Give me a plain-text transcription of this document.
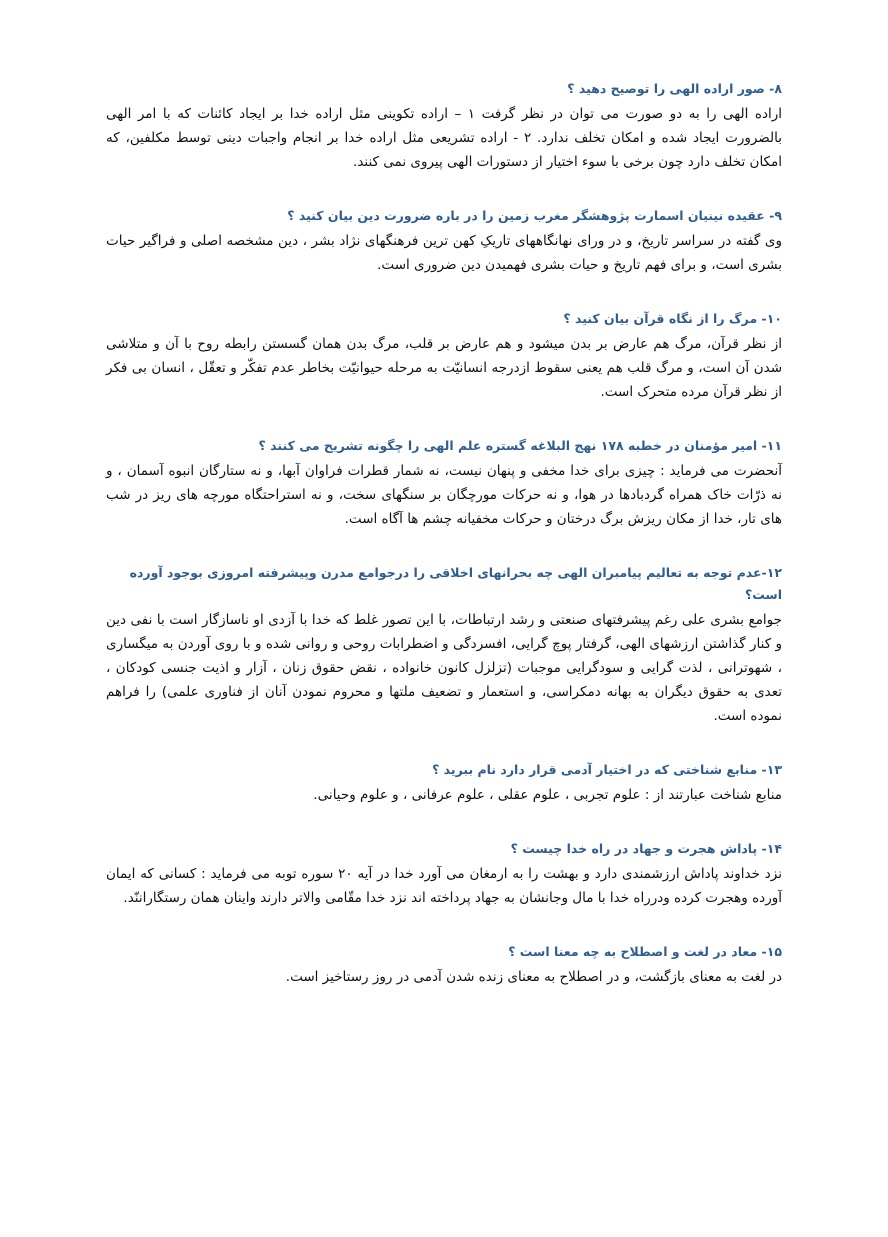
۸- صور اراده الهی را توصیح دهید ؟
اراده الهی را به دو صورت می توان در نظر گرفت ۱ – اراده تکوینی مثل اراده خدا بر ایجاد کائنات که با امر الهی بالضرورت ایجاد شده و امکان تخلف ندارد. ۲ - اراده تشریعی مثل اراده خدا بر انجام واجبات دینی توسط مکلفین، که امکان تخلف دارد چون برخی با سوء اختیار از دستورات الهی پیروی نمی کنند.
۹- عقیده نینیان اسمارت پژوهشگر مغرب زمین را در باره ضرورت دین بیان کنید ؟
وی گفته در سراسر تاریخ، و در ورای نهانگاههای تاریکِ کهن ترین فرهنگهای نژاد بشر ، دین مشخصه اصلی و فراگیر حیات بشری است، و برای فهم تاریخ و حیات بشری فهمیدن دین ضروری است.
۱۰- مرگ را از نگاه قرآن بیان کنید ؟
از نظر قرآن، مرگ هم عارض بر بدن میشود و هم عارض بر قلب، مرگ بدن همان گسستن رابطه روح با آن و متلاشی شدن آن است، و مرگ قلب هم یعنی سقوط ازدرجه انسانیّت به مرحله حیوانیّت بخاطر عدم تفکّر و تعقّل ، انسان بی فکر از نظر قرآن مرده متحرک است.
۱۱- امیر مؤمنان در خطبه ۱۷۸ نهج البلاغه گستره علم الهی را چگونه تشریح می کنند ؟
آنحضرت می فرماید : چیزی برای خدا مخفی و پنهان نیست، نه شمار قطرات فراوان آبها، و نه ستارگان انبوه آسمان ، و نه ذرّات خاک همراه گردبادها در هوا، و نه حرکات مورچگان بر سنگهای سخت، و نه استراحتگاه مورچه های ریز در شب های تار، خدا از مکان ریزش برگ درختان و حرکات مخفیانه چشم ها آگاه است.
۱۲-عدم توجه به تعالیم پیامبران الهی چه بحرانهای اخلاقی را درجوامع مدرن وپیشرفته امروزی بوجود آورده است؟
جوامع بشری علی رغم پیشرفتهای صنعتی و رشد ارتباطات، با این تصور غلط که خدا با آزدی او ناسازگار است با نفی دین و کنار گذاشتن ارزشهای الهی، گرفتار پوچ گرایی، افسردگی و اضطرابات روحی و روانی شده و با روی آوردن به میگساری ، شهوترانی ، لذت گرایی و سودگرایی موجبات (تزلزل کانون خانواده ، نقض حقوق زنان ، آزار و اذیت جنسی کودکان ، تعدی به حقوق دیگران به بهانه دمکراسی، و استعمار و تضعیف ملتها و محروم نمودن آنان از فناوری علمی) را فراهم نموده است.
۱۳- منابع شناختی که در اختیار آدمی قرار دارد نام ببرید ؟
منابع شناخت عبارتند از : علوم تجربی ، علوم عقلی ، علوم عرفانی ، و علوم وحیانی.
۱۴- پاداش هجرت و جهاد در راه خدا چیست ؟
نزد خداوند پاداش ارزشمندی دارد و بهشت را به ارمغان می آورد خدا در آیه ۲۰ سوره توبه می فرماید : کسانی که ایمان آورده وهجرت کرده ودرراه خدا با مال وجانشان به جهاد پرداخته اند نزد خدا مقّامی والاتر دارند واینان همان رستگاراننّد.
۱۵- معاد در لغت و اصطلاح به چه معنا است ؟
در لغت به معنای بازگشت، و در اصطلاح به معنای زنده شدن آدمی در روز رستاخیز است.
